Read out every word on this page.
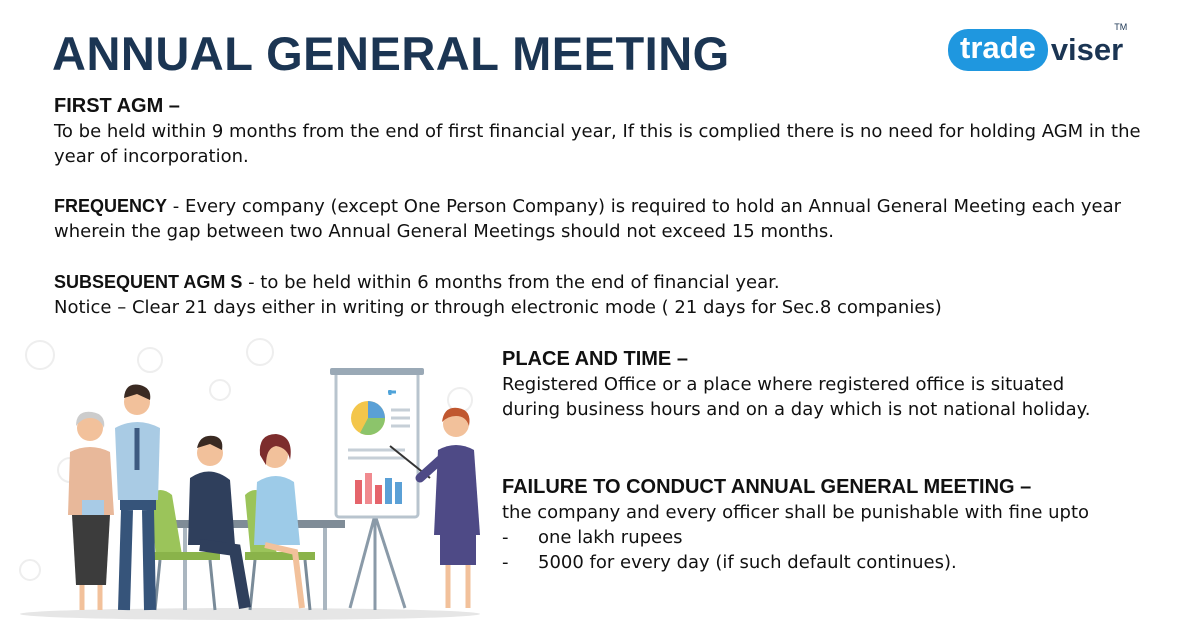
ANNUAL GENERAL MEETING	trade viser
TM
FIRST AGM –

To be held within 9 months from the end of first financial year, If this is complied there is no need for holding AGM in the year of incorporation.

FREQUENCY - Every company (except One Person Company) is required to hold an Annual General Meeting each year wherein the gap between two Annual General Meetings should not exceed 15 months.

SUBSEQUENT AGM S - to be held within 6 months from the end of financial year.

Notice – Clear 21 days either in writing or through electronic mode ( 21 days for Sec.8 companies)

PLACE AND TIME –

Registered Office or a place where registered office is situated during business hours and on a day which is not national holiday.

FAILURE TO CONDUCT ANNUAL GENERAL MEETING –

the company and every officer shall be punishable with fine upto

-	one lakh rupees
-	5000 for every day (if such default continues).
